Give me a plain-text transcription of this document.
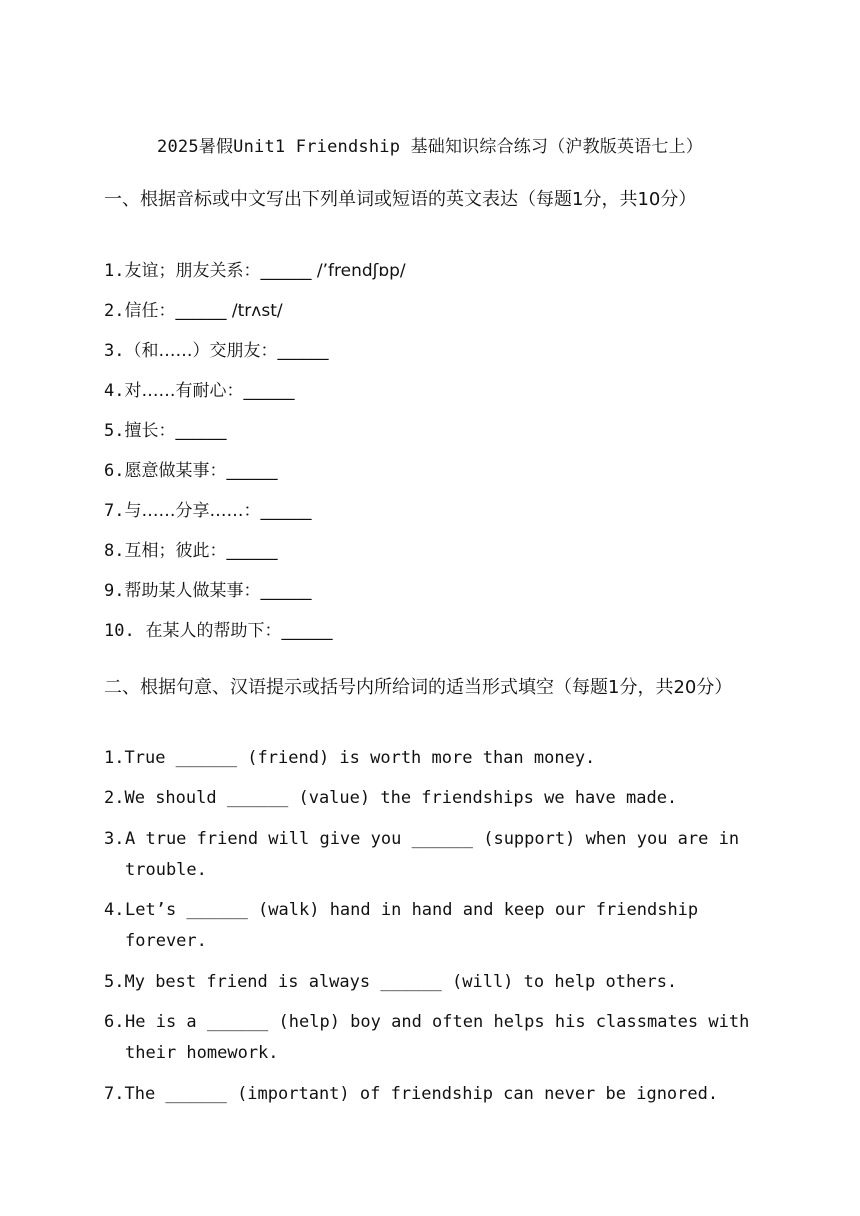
2025暑假Unit1 Friendship 基础知识综合练习（沪教版英语七上）
一、根据音标或中文写出下列单词或短语的英文表达（每题1分，共10分）
1.友谊；朋友关系：______ /’frendʃɒp/
2.信任：______ /trʌst/
3.（和……）交朋友：______
4.对……有耐心：______
5.擅长：______
6.愿意做某事：______
7.与……分享……：______
8.互相；彼此：______
9.帮助某人做某事：______
10.  在某人的帮助下：______
二、根据句意、汉语提示或括号内所给词的适当形式填空（每题1分，共20分）
1.True ______ (friend) is worth more than money.
2.We should ______ (value) the friendships we have made.
3. A true friend will give you ______ (support) when you are in trouble.
4. Let’s ______ (walk) hand in hand and keep our friendship forever.
5.My best friend is always ______ (will) to help others.
6. He is a ______ (help) boy and often helps his classmates with their homework.
7.The ______ (important) of friendship can never be ignored.
